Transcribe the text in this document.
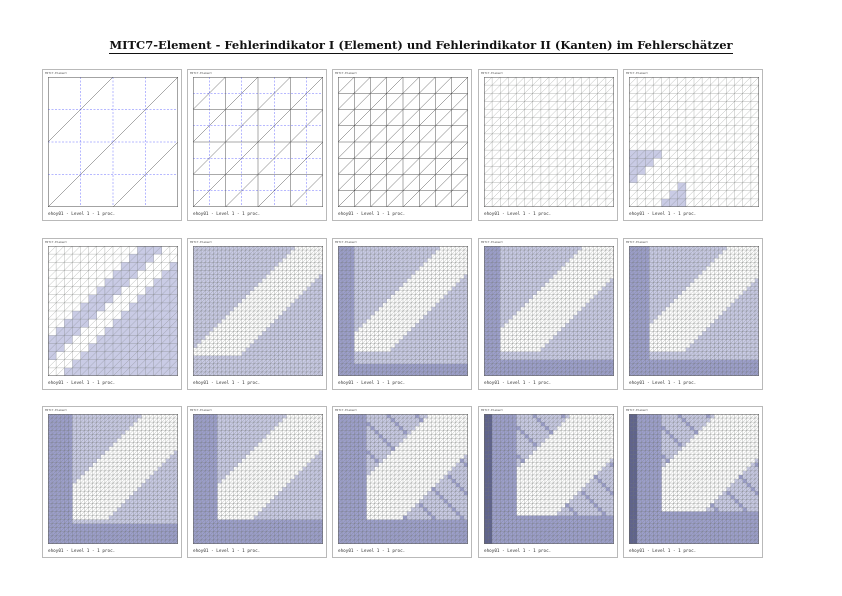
MITC7-Element - Fehlerindikator I (Element) und Fehlerindikator II (Kanten) im Fehlerschätzer
MITC7-Element
ehoy01 - Level 1 - 1 proc.
MITC7-Element
ehoy01 - Level 1 - 1 proc.
MITC7-Element
ehoy01 - Level 1 - 1 proc.
MITC7-Element
ehoy01 - Level 1 - 1 proc.
MITC7-Element
ehoy01 - Level 1 - 1 proc.
MITC7-Element
ehoy01 - Level 1 - 1 proc.
MITC7-Element
ehoy01 - Level 1 - 1 proc.
MITC7-Element
ehoy01 - Level 1 - 1 proc.
MITC7-Element
ehoy01 - Level 1 - 1 proc.
MITC7-Element
ehoy01 - Level 1 - 1 proc.
MITC7-Element
ehoy01 - Level 1 - 1 proc.
MITC7-Element
ehoy01 - Level 1 - 1 proc.
MITC7-Element
ehoy01 - Level 1 - 1 proc.
MITC7-Element
ehoy01 - Level 1 - 1 proc.
MITC7-Element
ehoy01 - Level 1 - 1 proc.
